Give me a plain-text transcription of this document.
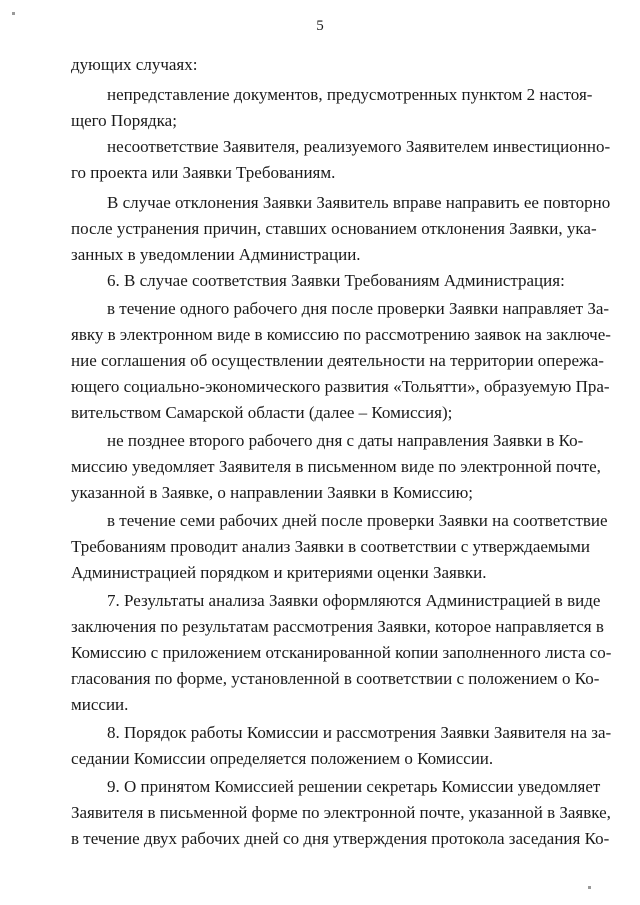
5
дующих случаях:
непредставление документов, предусмотренных пунктом 2 настоя-
щего Порядка;
несоответствие Заявителя, реализуемого Заявителем инвестиционно-
го проекта или Заявки Требованиям.
В случае отклонения Заявки Заявитель вправе направить ее повторно
после устранения причин, ставших основанием отклонения Заявки, ука-
занных в уведомлении Администрации.
6. В случае соответствия Заявки Требованиям Администрация:
в течение одного рабочего дня после проверки Заявки направляет За-
явку в электронном виде в комиссию по рассмотрению заявок на заключе-
ние соглашения об осуществлении деятельности на территории опережа-
ющего социально-экономического развития «Тольятти», образуемую Пра-
вительством Самарской области (далее – Комиссия);
не позднее второго рабочего дня с даты направления Заявки в Ко-
миссию уведомляет Заявителя в письменном виде по электронной почте,
указанной в Заявке, о направлении Заявки в Комиссию;
в течение семи рабочих дней после проверки Заявки на соответствие
Требованиям проводит анализ Заявки в соответствии с утверждаемыми
Администрацией порядком и критериями оценки Заявки.
7. Результаты анализа Заявки оформляются Администрацией в виде
заключения по результатам рассмотрения Заявки, которое направляется в
Комиссию с приложением отсканированной копии заполненного листа со-
гласования по форме, установленной в соответствии с положением о Ко-
миссии.
8. Порядок работы Комиссии и рассмотрения Заявки Заявителя на за-
седании Комиссии определяется положением о Комиссии.
9. О принятом Комиссией решении секретарь Комиссии уведомляет
Заявителя в письменной форме по электронной почте, указанной в Заявке,
в течение двух рабочих дней со дня утверждения протокола заседания Ко-
